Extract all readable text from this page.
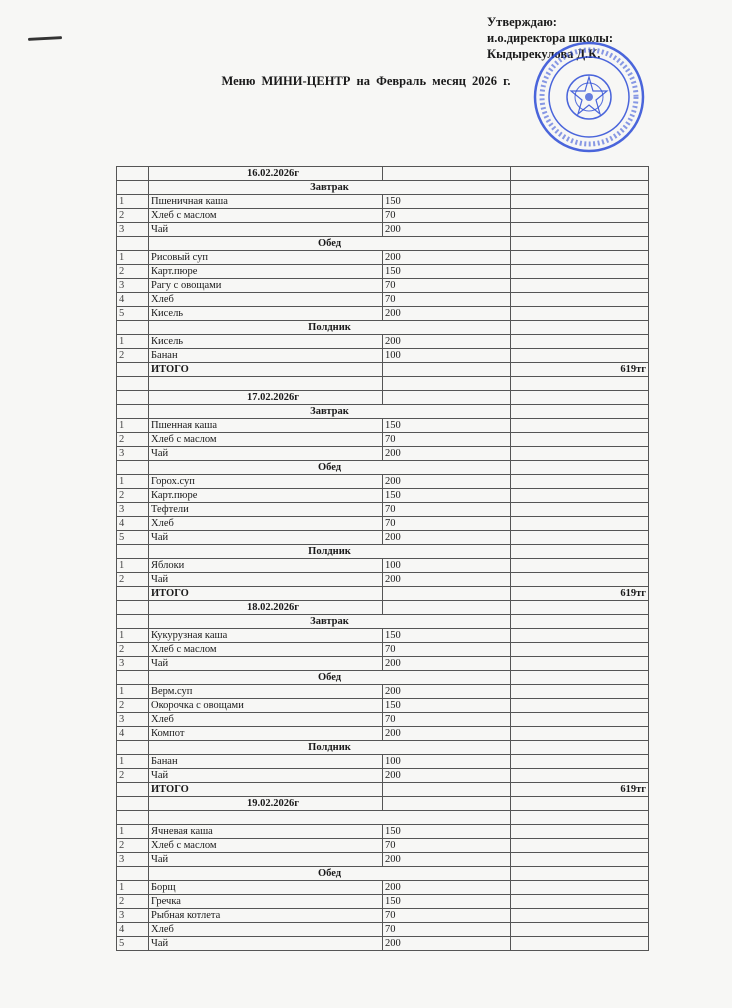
Утверждаю:
и.о.директора школы:
Кыдырекулова Д.К.
Меню МИНИ-ЦЕНТР на Февраль месяц 2026 г.
	16.02.2026г		
	Завтрак		
1	Пшеничная каша	150	
2	Хлеб с маслом	70	
3	Чай	200	
	Обед		
1	Рисовый суп	200	
2	Карт.пюре	150	
3	Рагу с овощами	70	
4	Хлеб	70	
5	Кисель	200	
	Полдник		
1	Кисель	200	
2	Банан	100	
	ИТОГО		619тг

	17.02.2026г		
	Завтрак		
1	Пшенная каша	150	
2	Хлеб с маслом	70	
3	Чай	200	
	Обед		
1	Горох.суп	200	
2	Карт.пюре	150	
3	Тефтели	70	
4	Хлеб	70	
5	Чай	200	
	Полдник		
1	Яблоки	100	
2	Чай	200	
	ИТОГО		619тг
	18.02.2026г		
	Завтрак		
1	Кукурузная каша	150	
2	Хлеб с маслом	70	
3	Чай	200	
	Обед		
1	Верм.суп	200	
2	Окорочка с овощами	150	
3	Хлеб	70	
4	Компот	200	
	Полдник		
1	Банан	100	
2	Чай	200	
	ИТОГО		619тг
	19.02.2026г		

1	Ячневая каша	150	
2	Хлеб с маслом	70	
3	Чай	200	
	Обед		
1	Борщ	200	
2	Гречка	150	
3	Рыбная котлета	70	
4	Хлеб	70	
5	Чай	200	
